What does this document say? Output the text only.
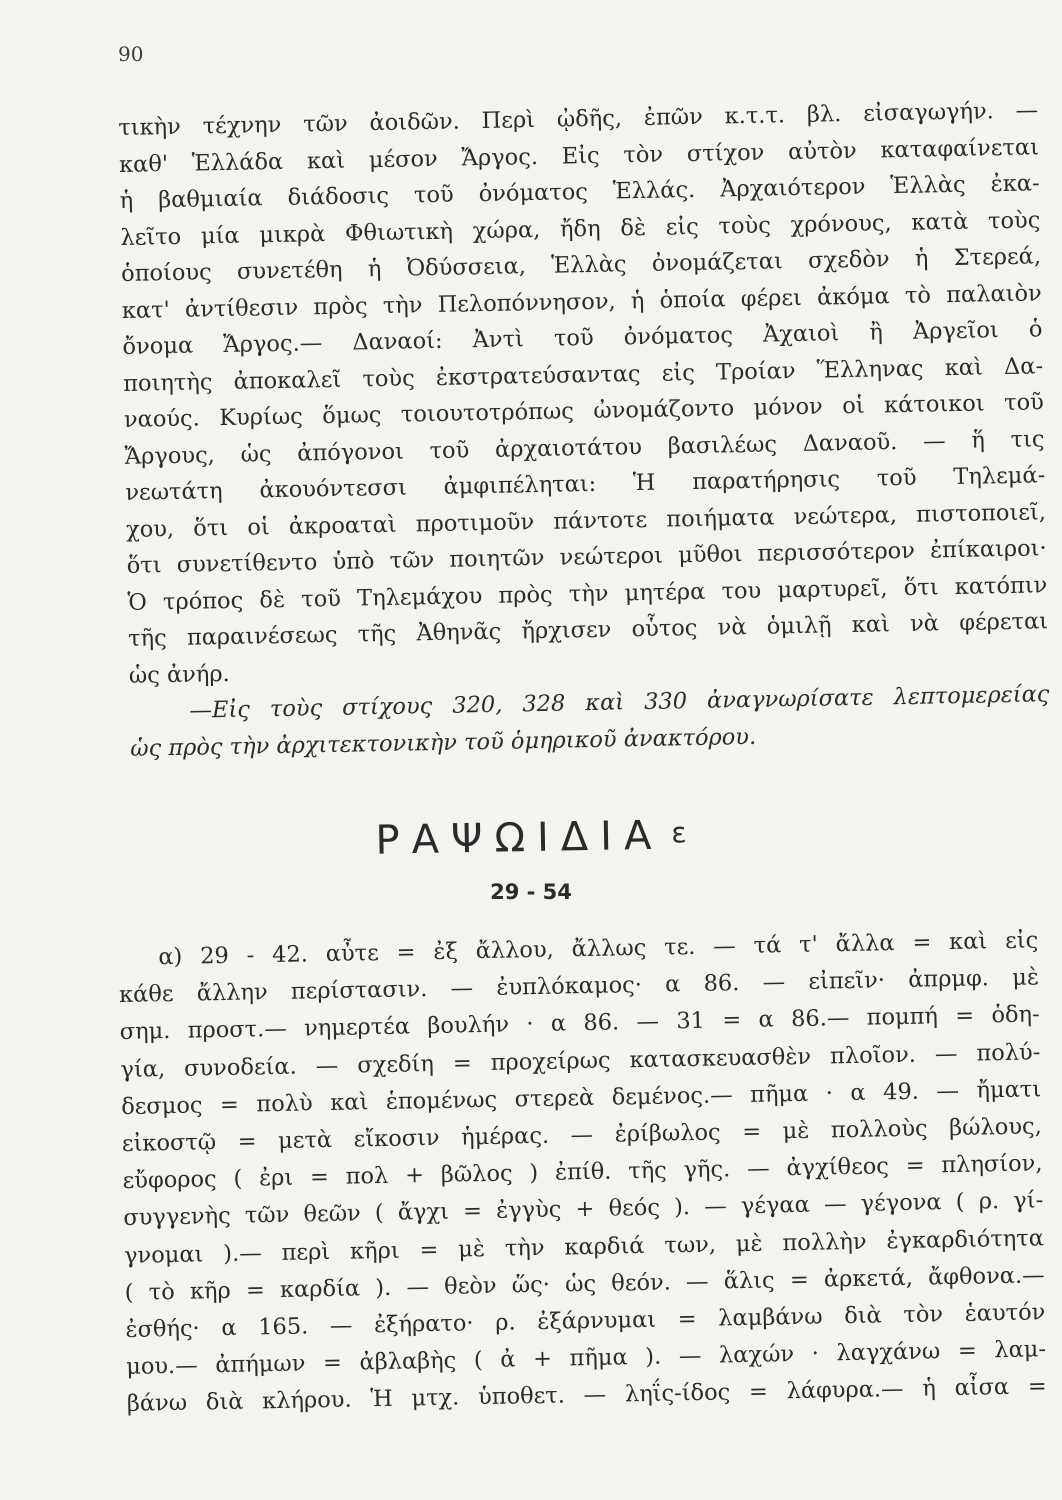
90
τικὴν τέχνην τῶν ἀοιδῶν. Περὶ ᾠδῆς, ἐπῶν κ.τ.τ. βλ. εἰσαγωγήν. —
καθ' Ἑλλάδα καὶ μέσον Ἄργος. Εἰς τὸν στίχον αὐτὸν καταφαίνεται
ἡ βαθμιαία διάδοσις τοῦ ὀνόματος Ἑλλάς. Ἀρχαιότερον Ἑλλὰς ἐκα-
λεῖτο μία μικρὰ Φθιωτικὴ χώρα, ἤδη δὲ εἰς τοὺς χρόνους, κατὰ τοὺς
ὁποίους συνετέθη ἡ Ὀδύσσεια, Ἑλλὰς ὀνομάζεται σχεδὸν ἡ Στερεά,
κατ' ἀντίθεσιν πρὸς τὴν Πελοπόννησον, ἡ ὁποία φέρει ἀκόμα τὸ παλαιὸν
ὄνομα Ἄργος.— Δαναοί: Ἀντὶ τοῦ ὀνόματος Ἀχαιοὶ ἢ Ἀργεῖοι ὁ
ποιητὴς ἀποκαλεῖ τοὺς ἐκστρατεύσαντας εἰς Τροίαν Ἕλληνας καὶ Δα-
ναούς. Κυρίως ὅμως τοιουτοτρόπως ὠνομάζοντο μόνον οἱ κάτοικοι τοῦ
Ἄργους, ὡς ἀπόγονοι τοῦ ἀρχαιοτάτου βασιλέως Δαναοῦ. — ἥ τις
νεωτάτη ἀκουόντεσσι ἀμφιπέληται: Ἡ παρατήρησις τοῦ Τηλεμά-
χου, ὅτι οἱ ἀκροαταὶ προτιμοῦν πάντοτε ποιήματα νεώτερα, πιστοποιεῖ,
ὅτι συνετίθεντο ὑπὸ τῶν ποιητῶν νεώτεροι μῦθοι περισσότερον ἐπίκαιροι·
Ὁ τρόπος δὲ τοῦ Τηλεμάχου πρὸς τὴν μητέρα του μαρτυρεῖ, ὅτι κατόπιν
τῆς παραινέσεως τῆς Ἀθηνᾶς ἤρχισεν οὗτος νὰ ὁμιλῇ καὶ νὰ φέρεται
ὡς ἀνήρ.
—Εἰς τοὺς στίχους 320, 328 καὶ 330 ἀναγνωρίσατε λεπτομερείας
ὡς πρὸς τὴν ἀρχιτεκτονικὴν τοῦ ὁμηρικοῦ ἀνακτόρου.
ΡΑΨΩΙΔΙΑ ε
29 - 54
α) 29 - 42. αὖτε = ἐξ ἄλλου, ἄλλως τε. — τά τ' ἄλλα = καὶ εἰς
κάθε ἄλλην περίστασιν. — ἐυπλόκαμος· α 86. — εἰπεῖν· ἀπρμφ. μὲ
σημ. προστ.— νημερτέα βουλήν · α 86. — 31 = α 86.— πομπή = ὁδη-
γία, συνοδεία. — σχεδίη = προχείρως κατασκευασθὲν πλοῖον. — πολύ-
δεσμος = πολὺ καὶ ἑπομένως στερεὰ δεμένος.— πῆμα · α 49. — ἤματι
εἰκοστῷ = μετὰ εἴκοσιν ἡμέρας. — ἐρίβωλος = μὲ πολλοὺς βώλους,
εὔφορος ( ἐρι = πολ + βῶλος ) ἐπίθ. τῆς γῆς. — ἀγχίθεος = πλησίον,
συγγενὴς τῶν θεῶν ( ἄγχι = ἐγγὺς + θεός ). — γέγαα — γέγονα ( ρ. γί-
γνομαι ).— περὶ κῆρι = μὲ τὴν καρδιά των, μὲ πολλὴν ἐγκαρδιότητα
( τὸ κῆρ = καρδία ). — θεὸν ὥς· ὡς θεόν. — ἅλις = ἀρκετά, ἄφθονα.—
ἐσθής· α 165. — ἐξήρατο· ρ. ἐξάρνυμαι = λαμβάνω διὰ τὸν ἑαυτόν
μου.— ἀπήμων = ἀβλαβὴς ( ἀ + πῆμα ). — λαχών · λαγχάνω = λαμ-
βάνω διὰ κλήρου. Ἡ μτχ. ὑποθετ. — ληΐς-ίδος = λάφυρα.— ἡ αἶσα =
